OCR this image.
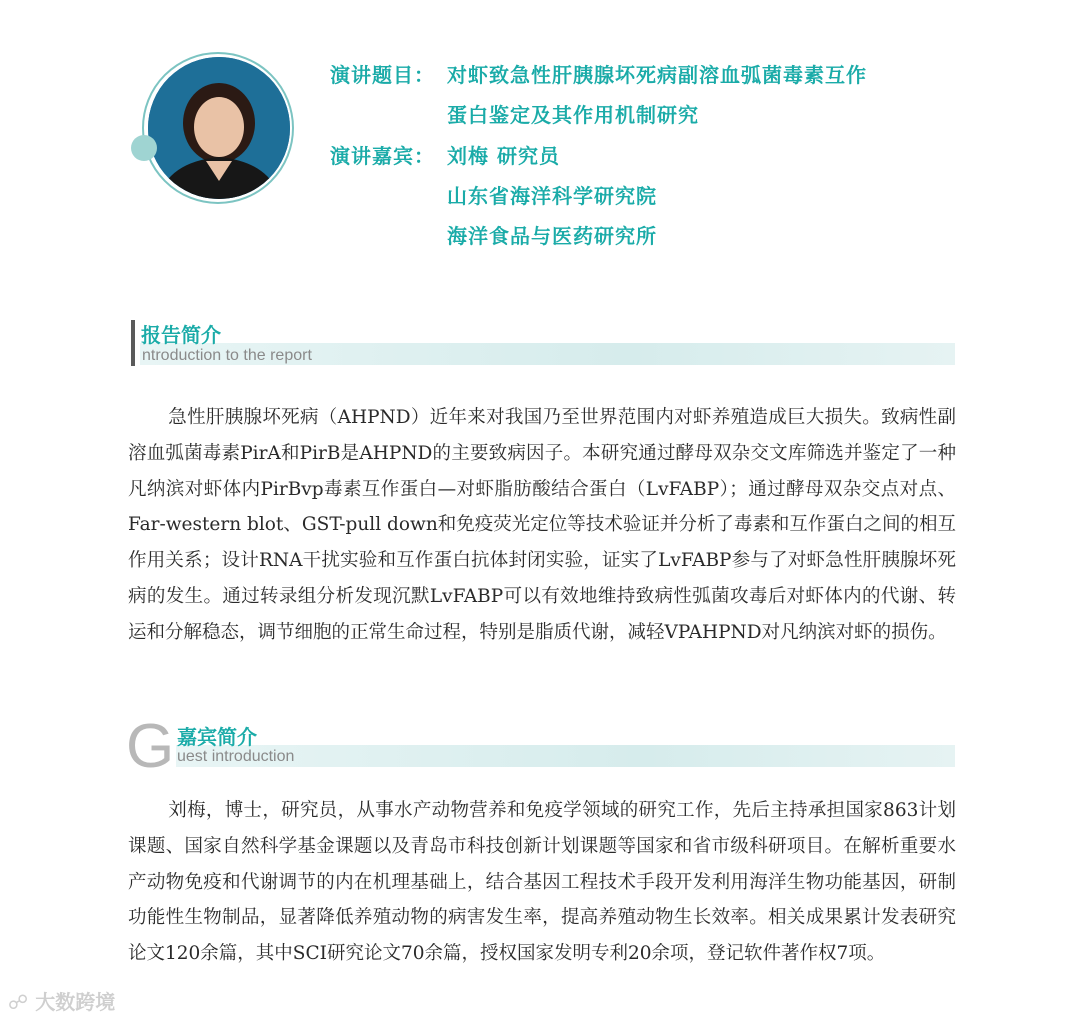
演讲题目： 对虾致急性肝胰腺坏死病副溶血弧菌毒素互作
蛋白鉴定及其作用机制研究
演讲嘉宾： 刘梅 研究员
山东省海洋科学研究院
海洋食品与医药研究所
报告简介
ntroduction to the report

急性肝胰腺坏死病（AHPND）近年来对我国乃至世界范围内对虾养殖造成巨大损失。致病性副溶血弧菌毒素PirA和PirB是AHPND的主要致病因子。本研究通过酵母双杂交文库筛选并鉴定了一种凡纳滨对虾体内PirBvp毒素互作蛋白—对虾脂肪酸结合蛋白（LvFABP）；通过酵母双杂交点对点、Far-western blot、GST-pull down和免疫荧光定位等技术验证并分析了毒素和互作蛋白之间的相互作用关系；设计RNA干扰实验和互作蛋白抗体封闭实验，证实了LvFABP参与了对虾急性肝胰腺坏死病的发生。通过转录组分析发现沉默LvFABP可以有效地维持致病性弧菌攻毒后对虾体内的代谢、转运和分解稳态，调节细胞的正常生命过程，特别是脂质代谢，减轻VPAHPND对凡纳滨对虾的损伤。

G 嘉宾简介
uest introduction

刘梅，博士，研究员，从事水产动物营养和免疫学领域的研究工作，先后主持承担国家863计划课题、国家自然科学基金课题以及青岛市科技创新计划课题等国家和省市级科研项目。在解析重要水产动物免疫和代谢调节的内在机理基础上，结合基因工程技术手段开发利用海洋生物功能基因，研制功能性生物制品，显著降低养殖动物的病害发生率，提高养殖动物生长效率。相关成果累计发表研究论文120余篇，其中SCI研究论文70余篇，授权国家发明专利20余项，登记软件著作权7项。

☍ 大数跨境
